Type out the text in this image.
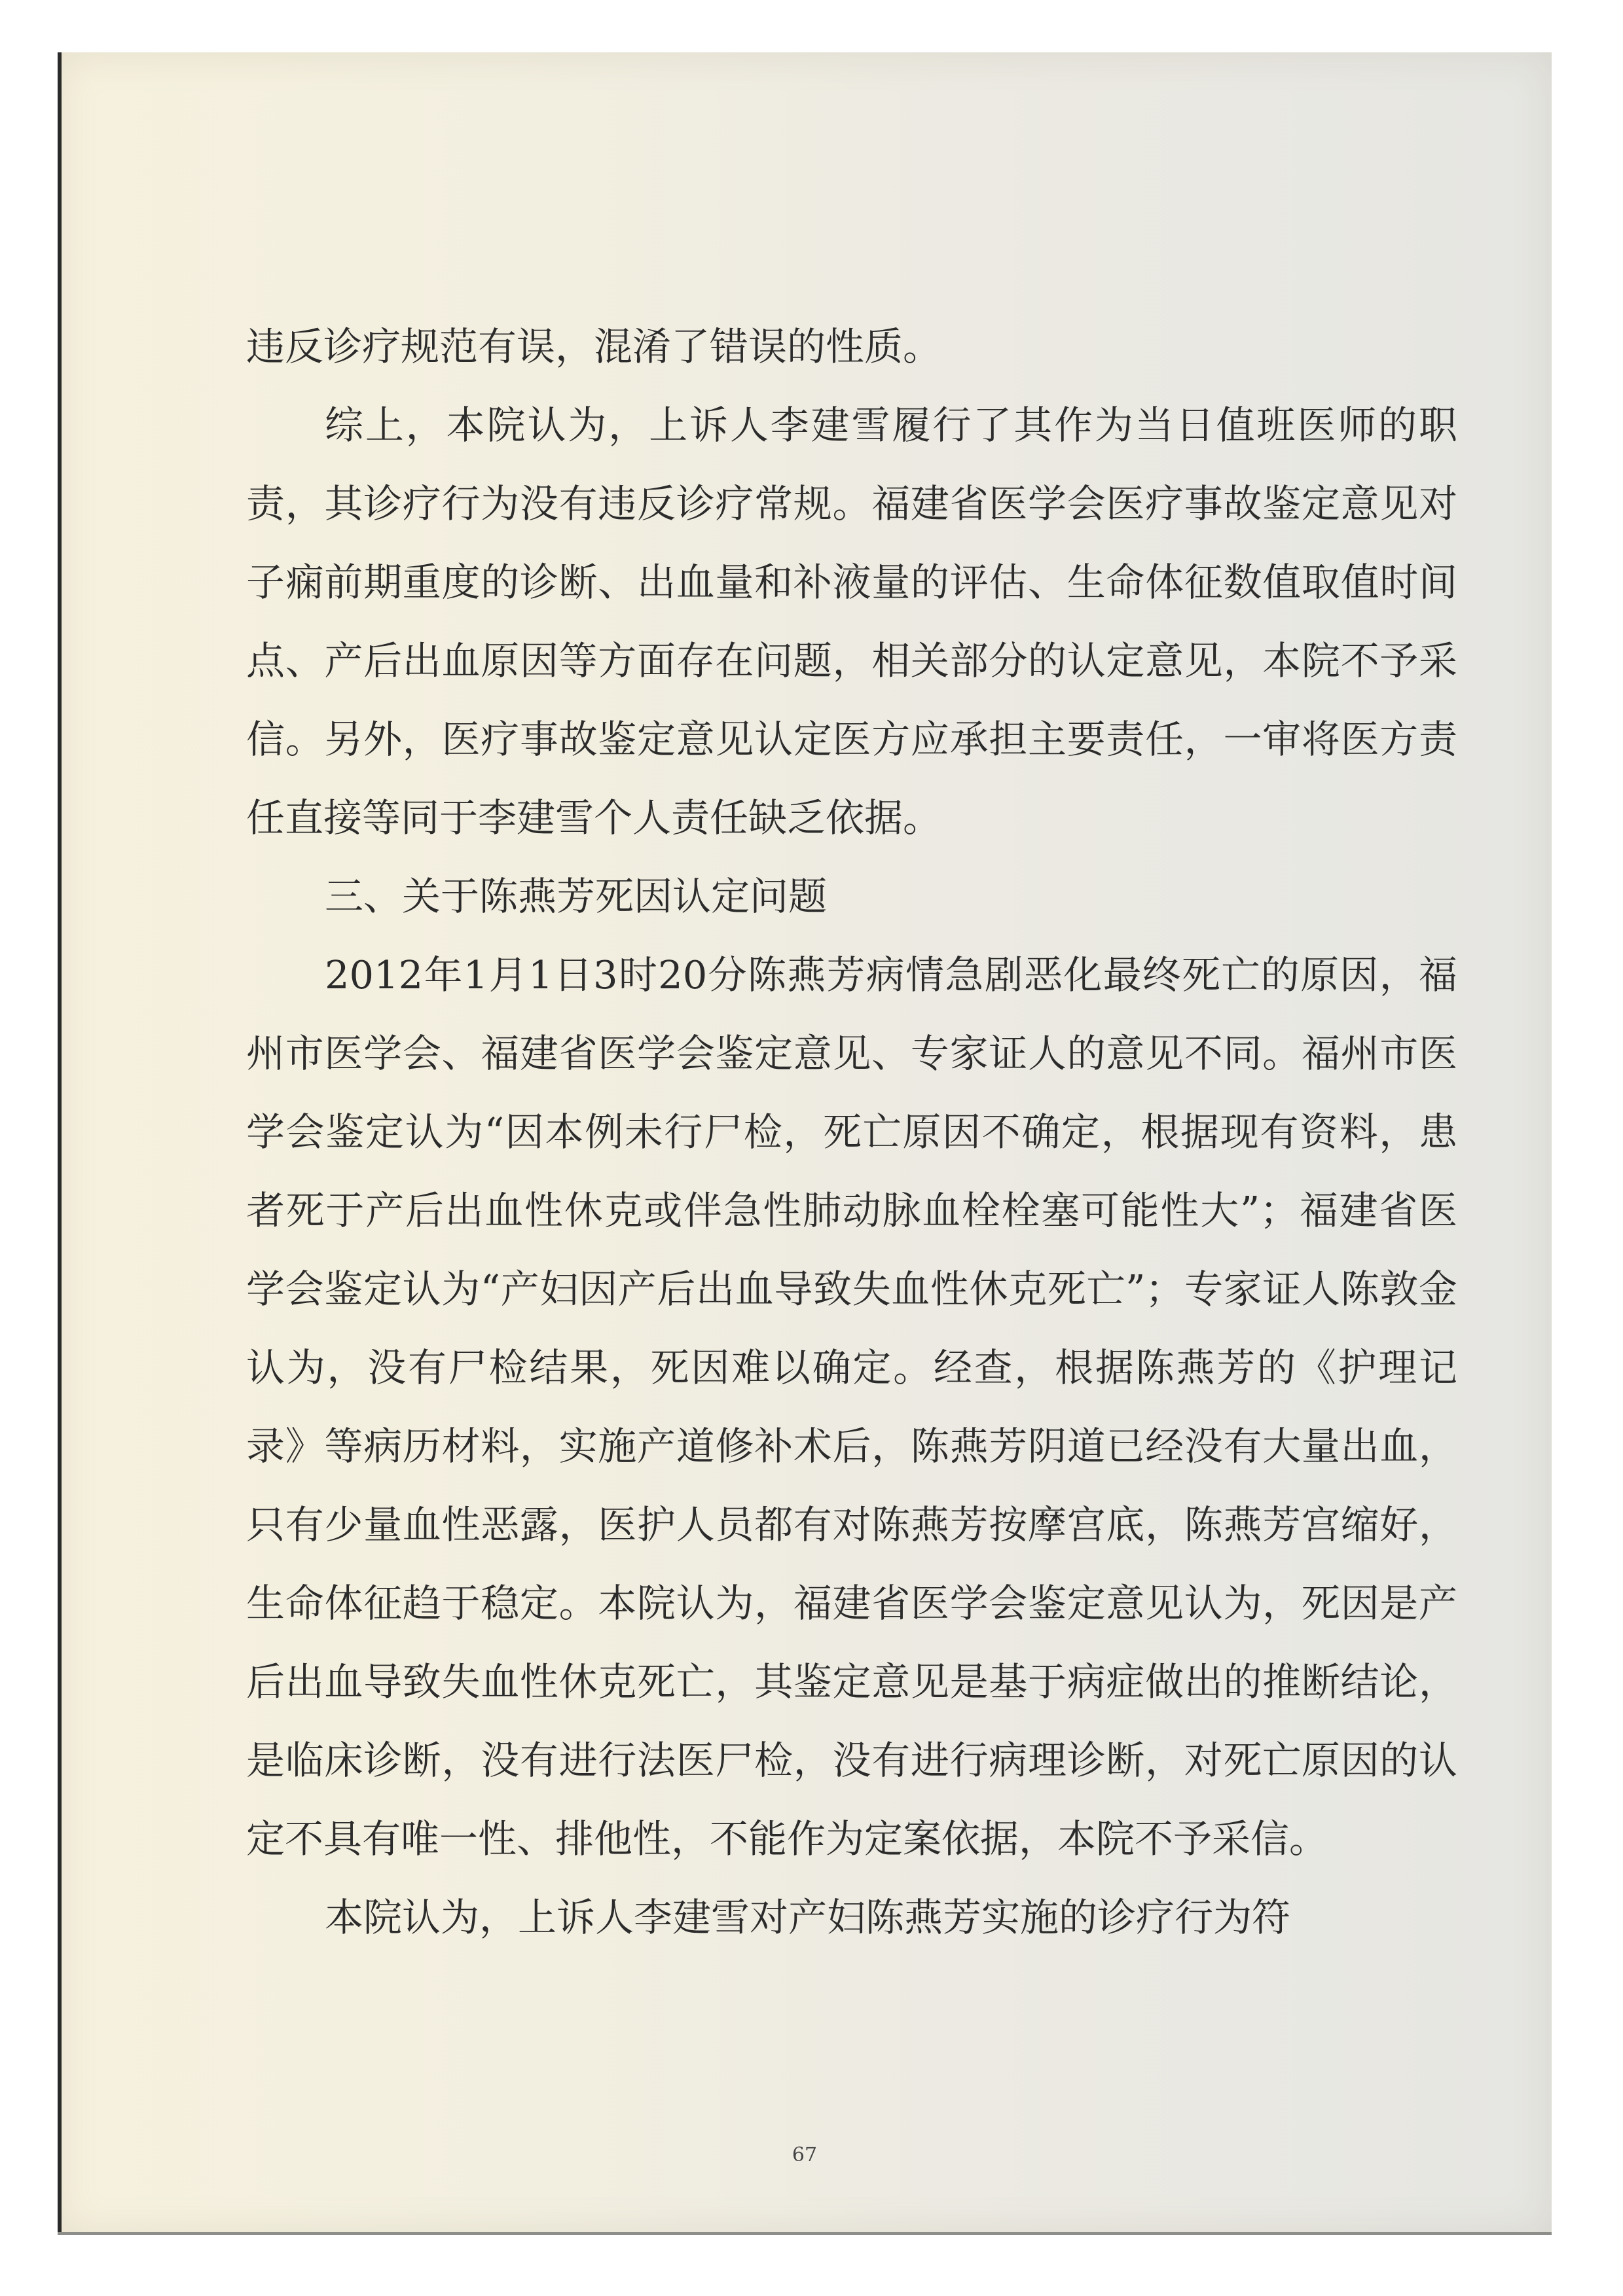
违反诊疗规范有误，混淆了错误的性质。

综上，本院认为，上诉人李建雪履行了其作为当日值班医师的职责，其诊疗行为没有违反诊疗常规。福建省医学会医疗事故鉴定意见对子痫前期重度的诊断、出血量和补液量的评估、生命体征数值取值时间点、产后出血原因等方面存在问题，相关部分的认定意见，本院不予采信。另外，医疗事故鉴定意见认定医方应承担主要责任，一审将医方责任直接等同于李建雪个人责任缺乏依据。

三、关于陈燕芳死因认定问题

2012年1月1日3时20分陈燕芳病情急剧恶化最终死亡的原因，福州市医学会、福建省医学会鉴定意见、专家证人的意见不同。福州市医学会鉴定认为“因本例未行尸检，死亡原因不确定，根据现有资料，患者死于产后出血性休克或伴急性肺动脉血栓栓塞可能性大”；福建省医学会鉴定认为“产妇因产后出血导致失血性休克死亡”；专家证人陈敦金认为，没有尸检结果，死因难以确定。经查，根据陈燕芳的《护理记录》等病历材料，实施产道修补术后，陈燕芳阴道已经没有大量出血，只有少量血性恶露，医护人员都有对陈燕芳按摩宫底，陈燕芳宫缩好，生命体征趋于稳定。本院认为，福建省医学会鉴定意见认为，死因是产后出血导致失血性休克死亡，其鉴定意见是基于病症做出的推断结论，是临床诊断，没有进行法医尸检，没有进行病理诊断，对死亡原因的认定不具有唯一性、排他性，不能作为定案依据，本院不予采信。

本院认为，上诉人李建雪对产妇陈燕芳实施的诊疗行为符

67
